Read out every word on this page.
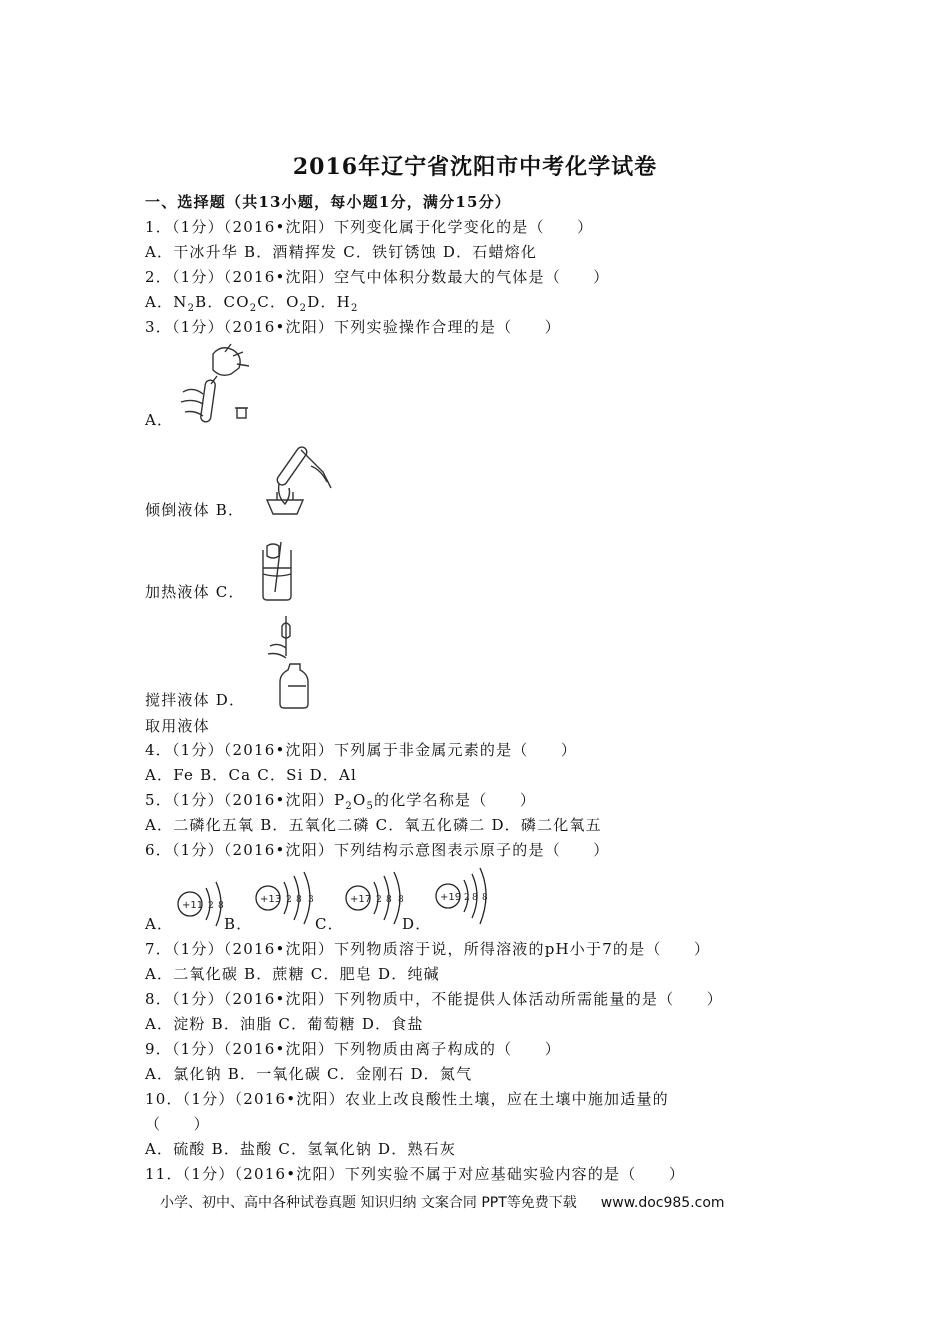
2016年辽宁省沈阳市中考化学试卷
一、选择题（共13小题，每小题1分，满分15分）
1．（1分）（2016•沈阳）下列变化属于化学变化的是（　　）
A．干冰升华 B．酒精挥发 C．铁钉锈蚀 D．石蜡熔化
2．（1分）（2016•沈阳）空气中体积分数最大的气体是（　　）
A．$N_2B$．$CO_2C$．$O_2D$．$H_2$
3．（1分）（2016•沈阳）下列实验操作合理的是（　　）
A．
倾倒液体 B．
加热液体 C．
搅拌液体 D．
取用液体
4．（1分）（2016•沈阳）下列属于非金属元素的是（　　）
A．Fe B．Ca C．Si D．Al
5．（1分）（2016•沈阳）$P_2O_5$的化学名称是（　　）
A．二磷化五氧 B．五氧化二磷 C．氧五化磷二 D．磷二化氧五
6．（1分）（2016•沈阳）下列结构示意图表示原子的是（　　）
+11 2 8
+13 2 8 3	+17 2 8 8	+19 2 8 8
A．	B．	C．	D．
7．（1分）（2016•沈阳）下列物质溶于说，所得溶液的pH小于7的是（　　）
A．二氧化碳 B．蔗糖 C．肥皂 D．纯碱
8．（1分）（2016•沈阳）下列物质中，不能提供人体活动所需能量的是（　　）
A．淀粉 B．油脂 C．葡萄糖 D．食盐
9．（1分）（2016•沈阳）下列物质由离子构成的（　　）
A．氯化钠 B．一氧化碳 C．金刚石 D．氮气
10．（1分）（2016•沈阳）农业上改良酸性土壤，应在土壤中施加适量的
（　　）
A．硫酸 B．盐酸 C．氢氧化钠 D．熟石灰
11．（1分）（2016•沈阳）下列实验不属于对应基础实验内容的是（　　）
小学、初中、高中各种试卷真题 知识归纳 文案合同 PPT等免费下载 www.doc985.com
